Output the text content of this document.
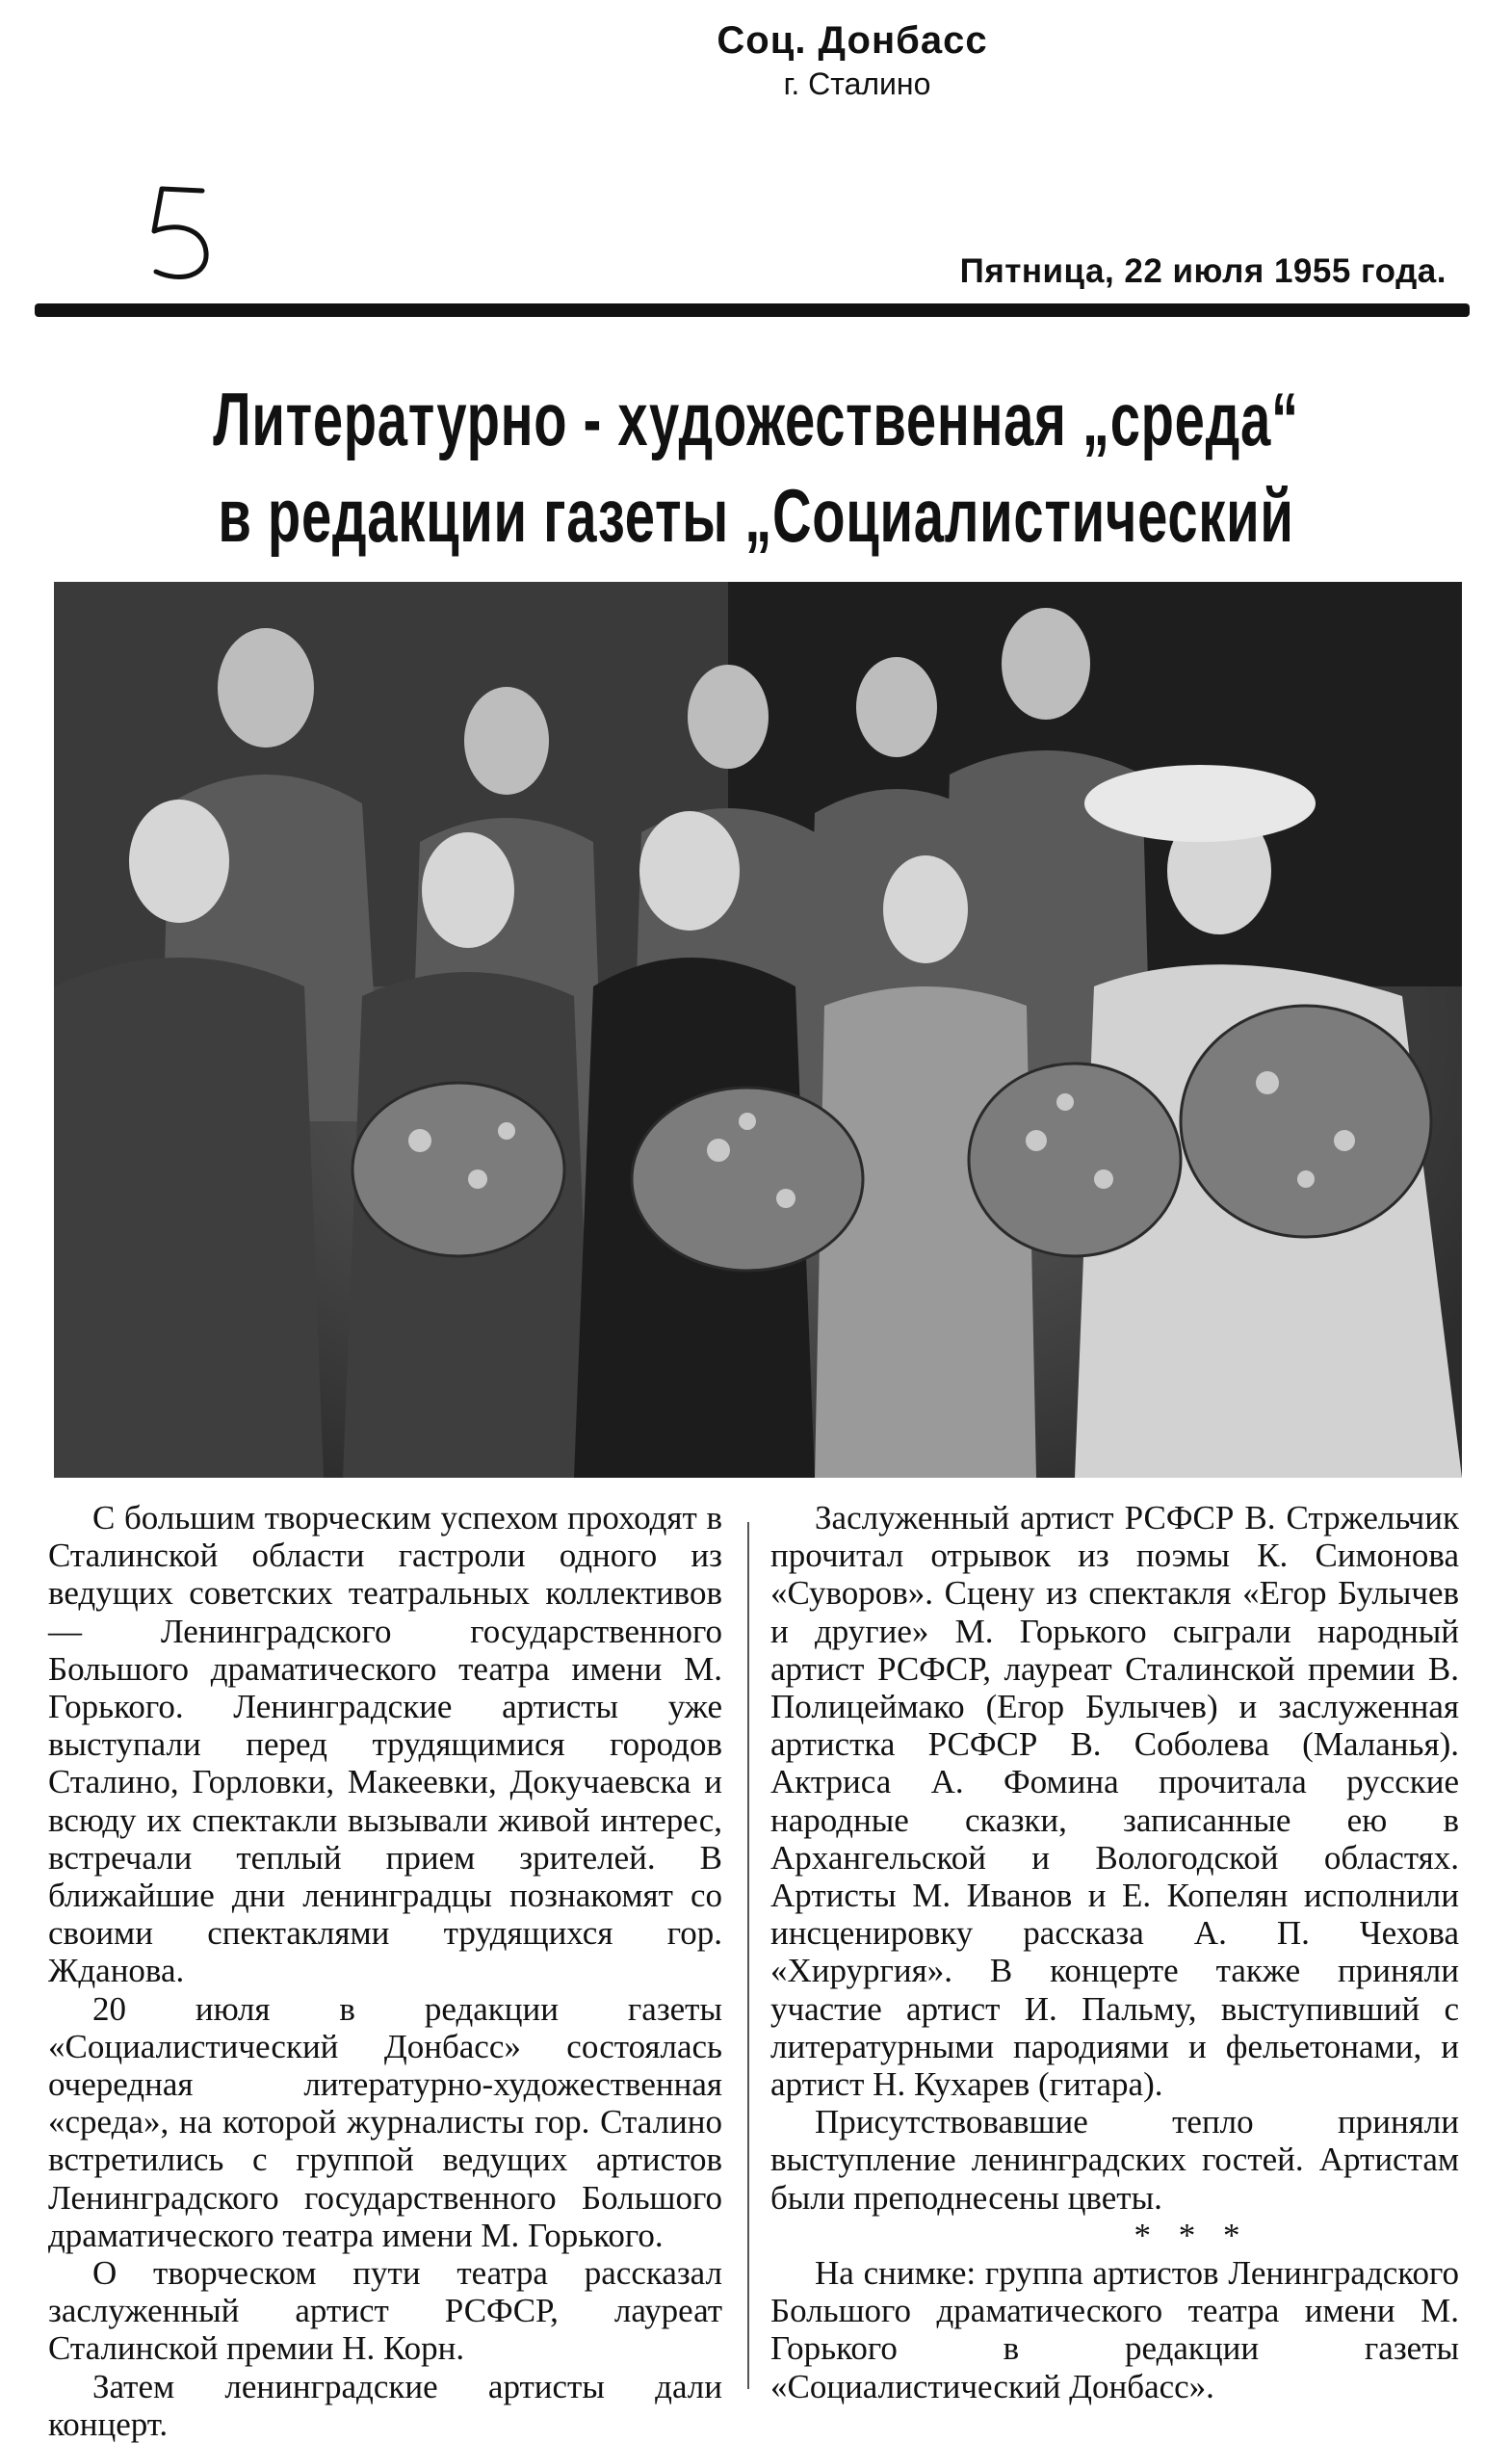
Соц. Донбасс
г. Сталино
Пятница, 22 июля 1955 года.
Литературно - художественная „среда“
в редакции газеты „Социалистический

С большим творческим успехом проходят в Сталинской области гастроли одного из ведущих советских театральных коллективов — Ленинградского государственного Большого драматического театра имени М. Горького. Ленинградские артисты уже выступали перед трудящимися городов Сталино, Горловки, Макеевки, Докучаевска и всюду их спектакли вызывали живой интерес, встречали теплый прием зрителей. В ближайшие дни ленинградцы познакомят со своими спектаклями трудящихся гор. Жданова.

20 июля в редакции газеты «Социалистический Донбасс» состоялась очередная литературно-художественная «среда», на которой журналисты гор. Сталино встретились с группой ведущих артистов Ленинградского государственного Большого драматического театра имени М. Горького.

О творческом пути театра рассказал заслуженный артист РСФСР, лауреат Сталинской премии Н. Корн.

Затем ленинградские артисты дали концерт.

Заслуженный артист РСФСР В. Стржельчик прочитал отрывок из поэмы К. Симонова «Суворов». Сцену из спектакля «Егор Булычев и другие» М. Горького сыграли народный артист РСФСР, лауреат Сталинской премии В. Полицеймако (Егор Булычев) и заслуженная артистка РСФСР В. Соболева (Маланья). Актриса А. Фомина прочитала русские народные сказки, записанные ею в Архангельской и Вологодской областях. Артисты М. Иванов и Е. Копелян исполнили инсценировку рассказа А. П. Чехова «Хирургия». В концерте также приняли участие артист И. Пальму, выступивший с литературными пародиями и фельетонами, и артист Н. Кухарев (гитара).

Присутствовавшие тепло приняли выступление ленинградских гостей. Артистам были преподнесены цветы.

* * *

На снимке: группа артистов Ленинградского Большого драматического театра имени М. Горького в редакции газеты «Социалистический Донбасс».
